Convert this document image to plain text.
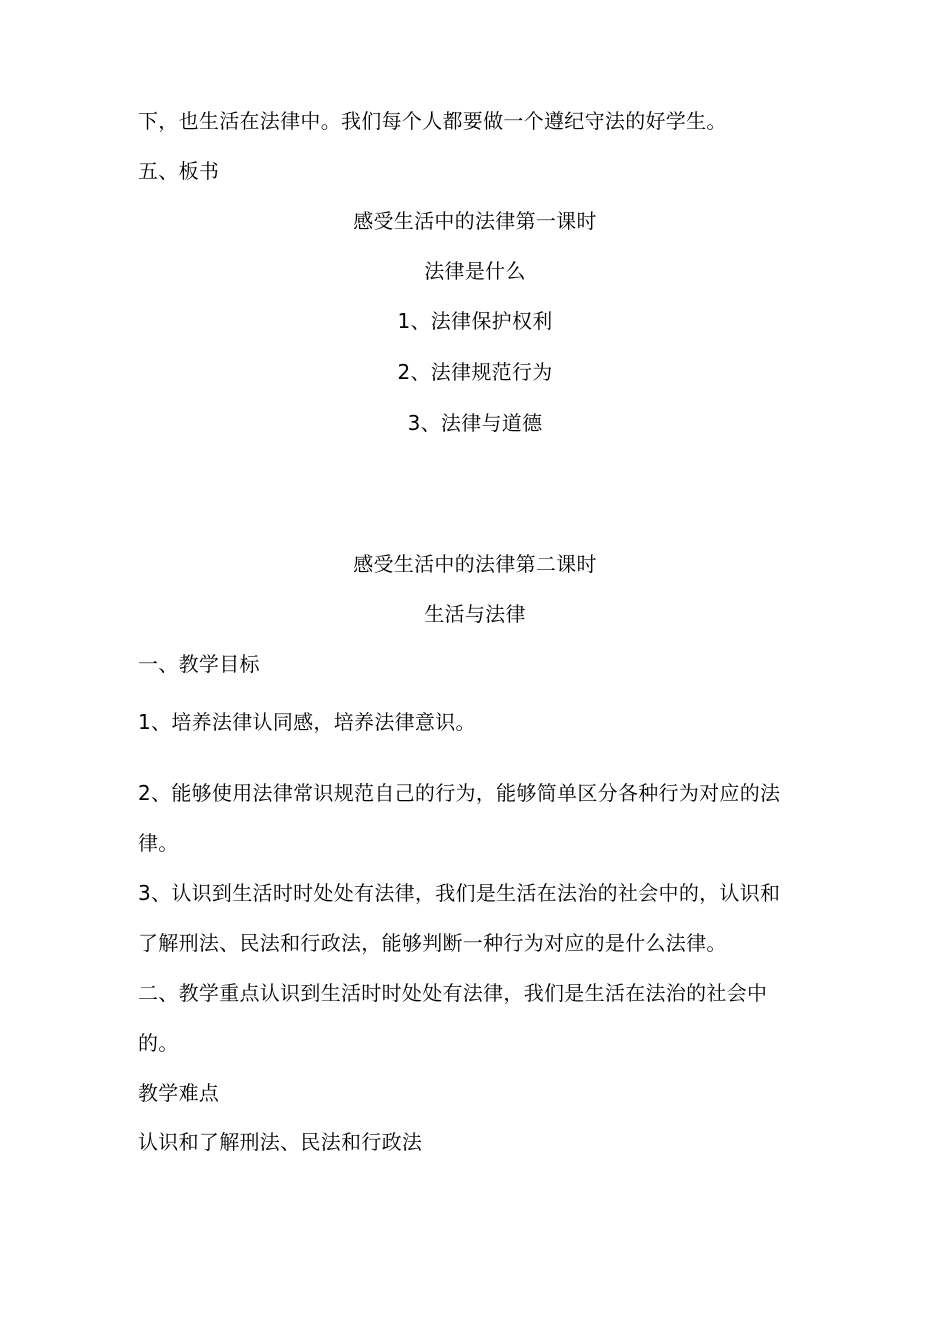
下，也生活在法律中。我们每个人都要做一个遵纪守法的好学生。
五、板书
感受生活中的法律第一课时
法律是什么
1、法律保护权利
2、法律规范行为
3、法律与道德
感受生活中的法律第二课时
生活与法律
一、教学目标
1、培养法律认同感，培养法律意识。
2、能够使用法律常识规范自己的行为，能够简单区分各种行为对应的法
律。
3、认识到生活时时处处有法律，我们是生活在法治的社会中的，认识和
了解刑法、民法和行政法，能够判断一种行为对应的是什么法律。
二、教学重点认识到生活时时处处有法律，我们是生活在法治的社会中
的。
教学难点
认识和了解刑法、民法和行政法
